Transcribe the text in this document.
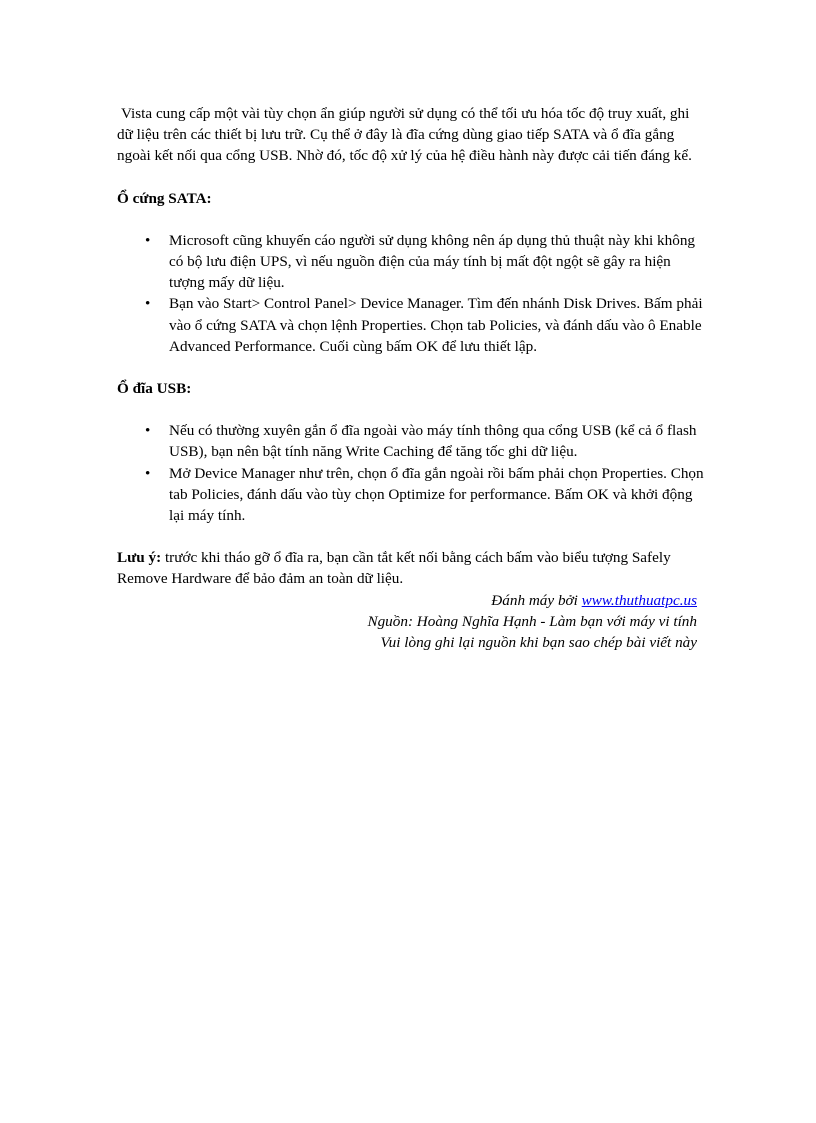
Vista cung cấp một vài tùy chọn ẩn giúp người sử dụng có thể tối ưu hóa tốc độ truy xuất, ghi dữ liệu trên các thiết bị lưu trữ. Cụ thể ở đây là đĩa cứng dùng giao tiếp SATA và ổ đĩa gắng ngoài kết nối qua cổng USB. Nhờ đó, tốc độ xử lý của hệ điều hành này được cải tiến đáng kể.

Ổ cứng SATA:

• Microsoft cũng khuyến cáo người sử dụng không nên áp dụng thủ thuật này khi không có bộ lưu điện UPS, vì nếu nguồn điện của máy tính bị mất đột ngột sẽ gây ra hiện tượng mấy dữ liệu.
• Bạn vào Start> Control Panel> Device Manager. Tìm đến nhánh Disk Drives. Bấm phải vào ổ cứng SATA và chọn lệnh Properties. Chọn tab Policies, và đánh dấu vào ô Enable Advanced Performance. Cuối cùng bấm OK để lưu thiết lập.

Ổ đĩa USB:

• Nếu có thường xuyên gắn ổ đĩa ngoài vào máy tính thông qua cổng USB (kể cả ổ flash USB), bạn nên bật tính năng Write Caching để tăng tốc ghi dữ liệu.
• Mở Device Manager như trên, chọn ổ đĩa gắn ngoài rồi bấm phải chọn Properties. Chọn tab Policies, đánh dấu vào tùy chọn Optimize for performance. Bấm OK và khởi động lại máy tính.

Lưu ý: trước khi tháo gỡ ổ đĩa ra, bạn cần tắt kết nối bằng cách bấm vào biểu tượng Safely Remove Hardware để bảo đảm an toàn dữ liệu.

Đánh máy bởi www.thuthuatpc.us

Nguồn: Hoàng Nghĩa Hạnh - Làm bạn với máy vi tính

Vui lòng ghi lại nguồn khi bạn sao chép bài viết này
